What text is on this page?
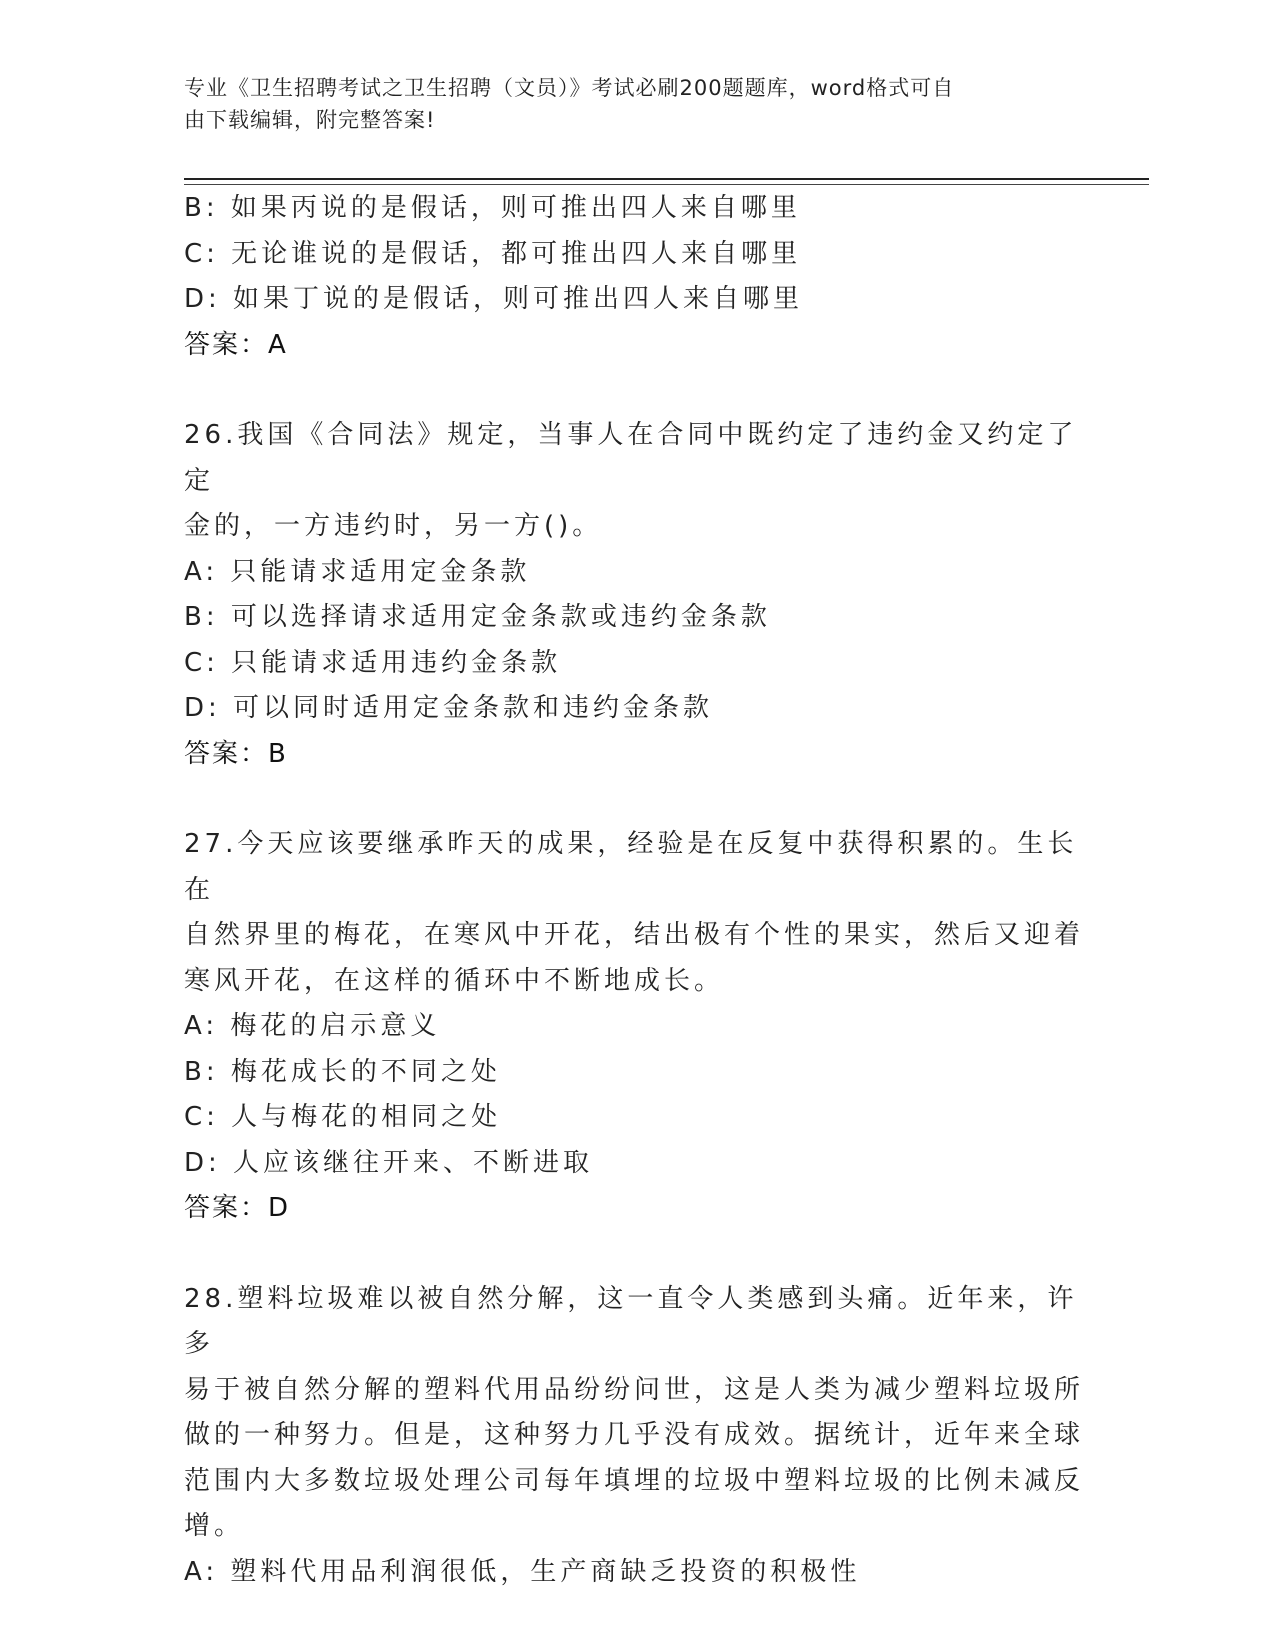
专业《卫生招聘考试之卫生招聘（文员）》考试必刷200题题库，word格式可自
由下载编辑，附完整答案!

B: 如果丙说的是假话，则可推出四人来自哪里

C: 无论谁说的是假话，都可推出四人来自哪里

D: 如果丁说的是假话，则可推出四人来自哪里

答案：A

26.我国《合同法》规定，当事人在合同中既约定了违约金又约定了定

金的，一方违约时，另一方()。

A: 只能请求适用定金条款

B: 可以选择请求适用定金条款或违约金条款

C: 只能请求适用违约金条款

D: 可以同时适用定金条款和违约金条款

答案：B

27.今天应该要继承昨天的成果，经验是在反复中获得积累的。生长在

自然界里的梅花，在寒风中开花，结出极有个性的果实，然后又迎着

寒风开花，在这样的循环中不断地成长。

A: 梅花的启示意义

B: 梅花成长的不同之处

C: 人与梅花的相同之处

D: 人应该继往开来、不断进取

答案：D

28.塑料垃圾难以被自然分解，这一直令人类感到头痛。近年来，许多

易于被自然分解的塑料代用品纷纷问世，这是人类为减少塑料垃圾所

做的一种努力。但是，这种努力几乎没有成效。据统计，近年来全球

范围内大多数垃圾处理公司每年填埋的垃圾中塑料垃圾的比例未减反

增。

A: 塑料代用品利润很低，生产商缺乏投资的积极性
